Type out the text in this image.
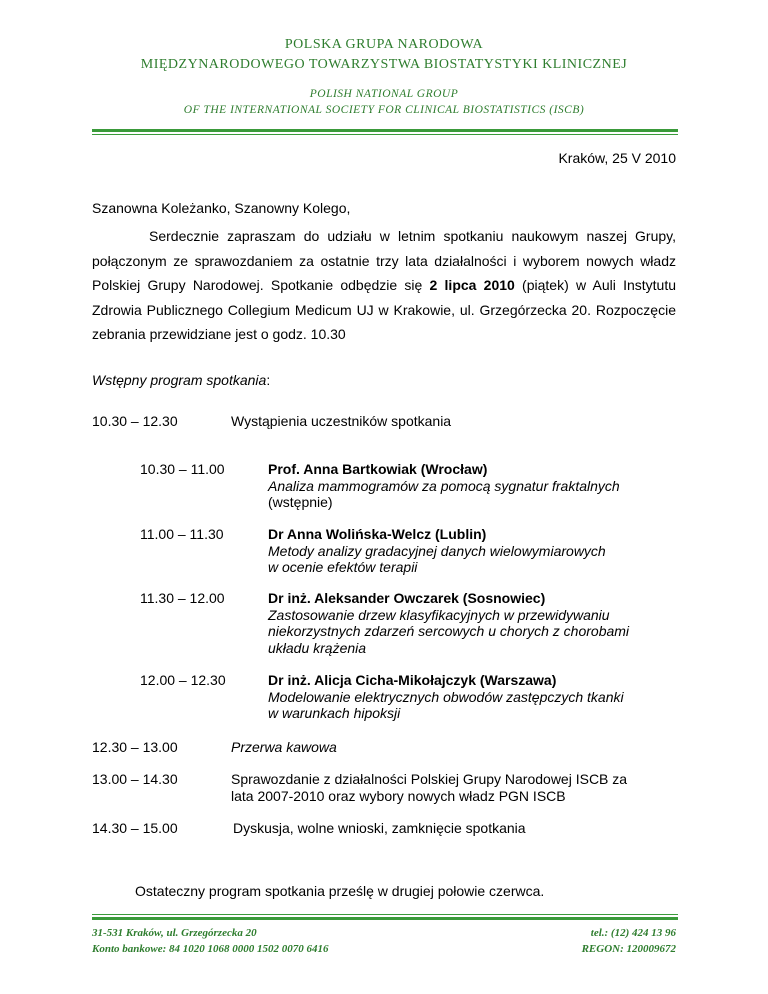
POLSKA GRUPA NARODOWA
MIĘDZYNARODOWEGO TOWARZYSTWA BIOSTATYSTYKI KLINICZNEJ
POLISH NATIONAL GROUP
OF THE INTERNATIONAL SOCIETY FOR CLINICAL BIOSTATISTICS (ISCB)
Kraków, 25 V 2010
Szanowna Koleżanko, Szanowny Kolego,

Serdecznie zapraszam do udziału w letnim spotkaniu naukowym naszej Grupy, połączonym ze sprawozdaniem za ostatnie trzy lata działalności i wyborem nowych władz Polskiej Grupy Narodowej. Spotkanie odbędzie się 2 lipca 2010 (piątek) w Auli Instytutu Zdrowia Publicznego Collegium Medicum UJ w Krakowie, ul. Grzegórzecka 20. Rozpoczęcie zebrania przewidziane jest o godz. 10.30

Wstępny program spotkania:
10.30 – 12.30	Wystąpienia uczestników spotkania
10.30 – 11.00	Prof. Anna Bartkowiak (Wrocław)
Analiza mammogramów za pomocą sygnatur fraktalnych
(wstępnie)
11.00 – 11.30	Dr Anna Wolińska-Welcz (Lublin)
Metody analizy gradacyjnej danych wielowymiarowych
w ocenie efektów terapii
11.30 – 12.00	Dr inż. Aleksander Owczarek (Sosnowiec)
Zastosowanie drzew klasyfikacyjnych w przewidywaniu
niekorzystnych zdarzeń sercowych u chorych z chorobami
układu krążenia
12.00 – 12.30	Dr inż. Alicja Cicha-Mikołajczyk (Warszawa)
Modelowanie elektrycznych obwodów zastępczych tkanki
w warunkach hipoksji
12.30 – 13.00	Przerwa kawowa
13.00 – 14.30	Sprawozdanie z działalności Polskiej Grupy Narodowej ISCB za
lata 2007-2010 oraz wybory nowych władz PGN ISCB
14.30 – 15.00	Dyskusja, wolne wnioski, zamknięcie spotkania
Ostateczny program spotkania prześlę w drugiej połowie czerwca.
31-531 Kraków, ul. Grzegórzecka 20
Konto bankowe: 84 1020 1068 0000 1502 0070 6416
tel.: (12) 424 13 96
REGON: 120009672
